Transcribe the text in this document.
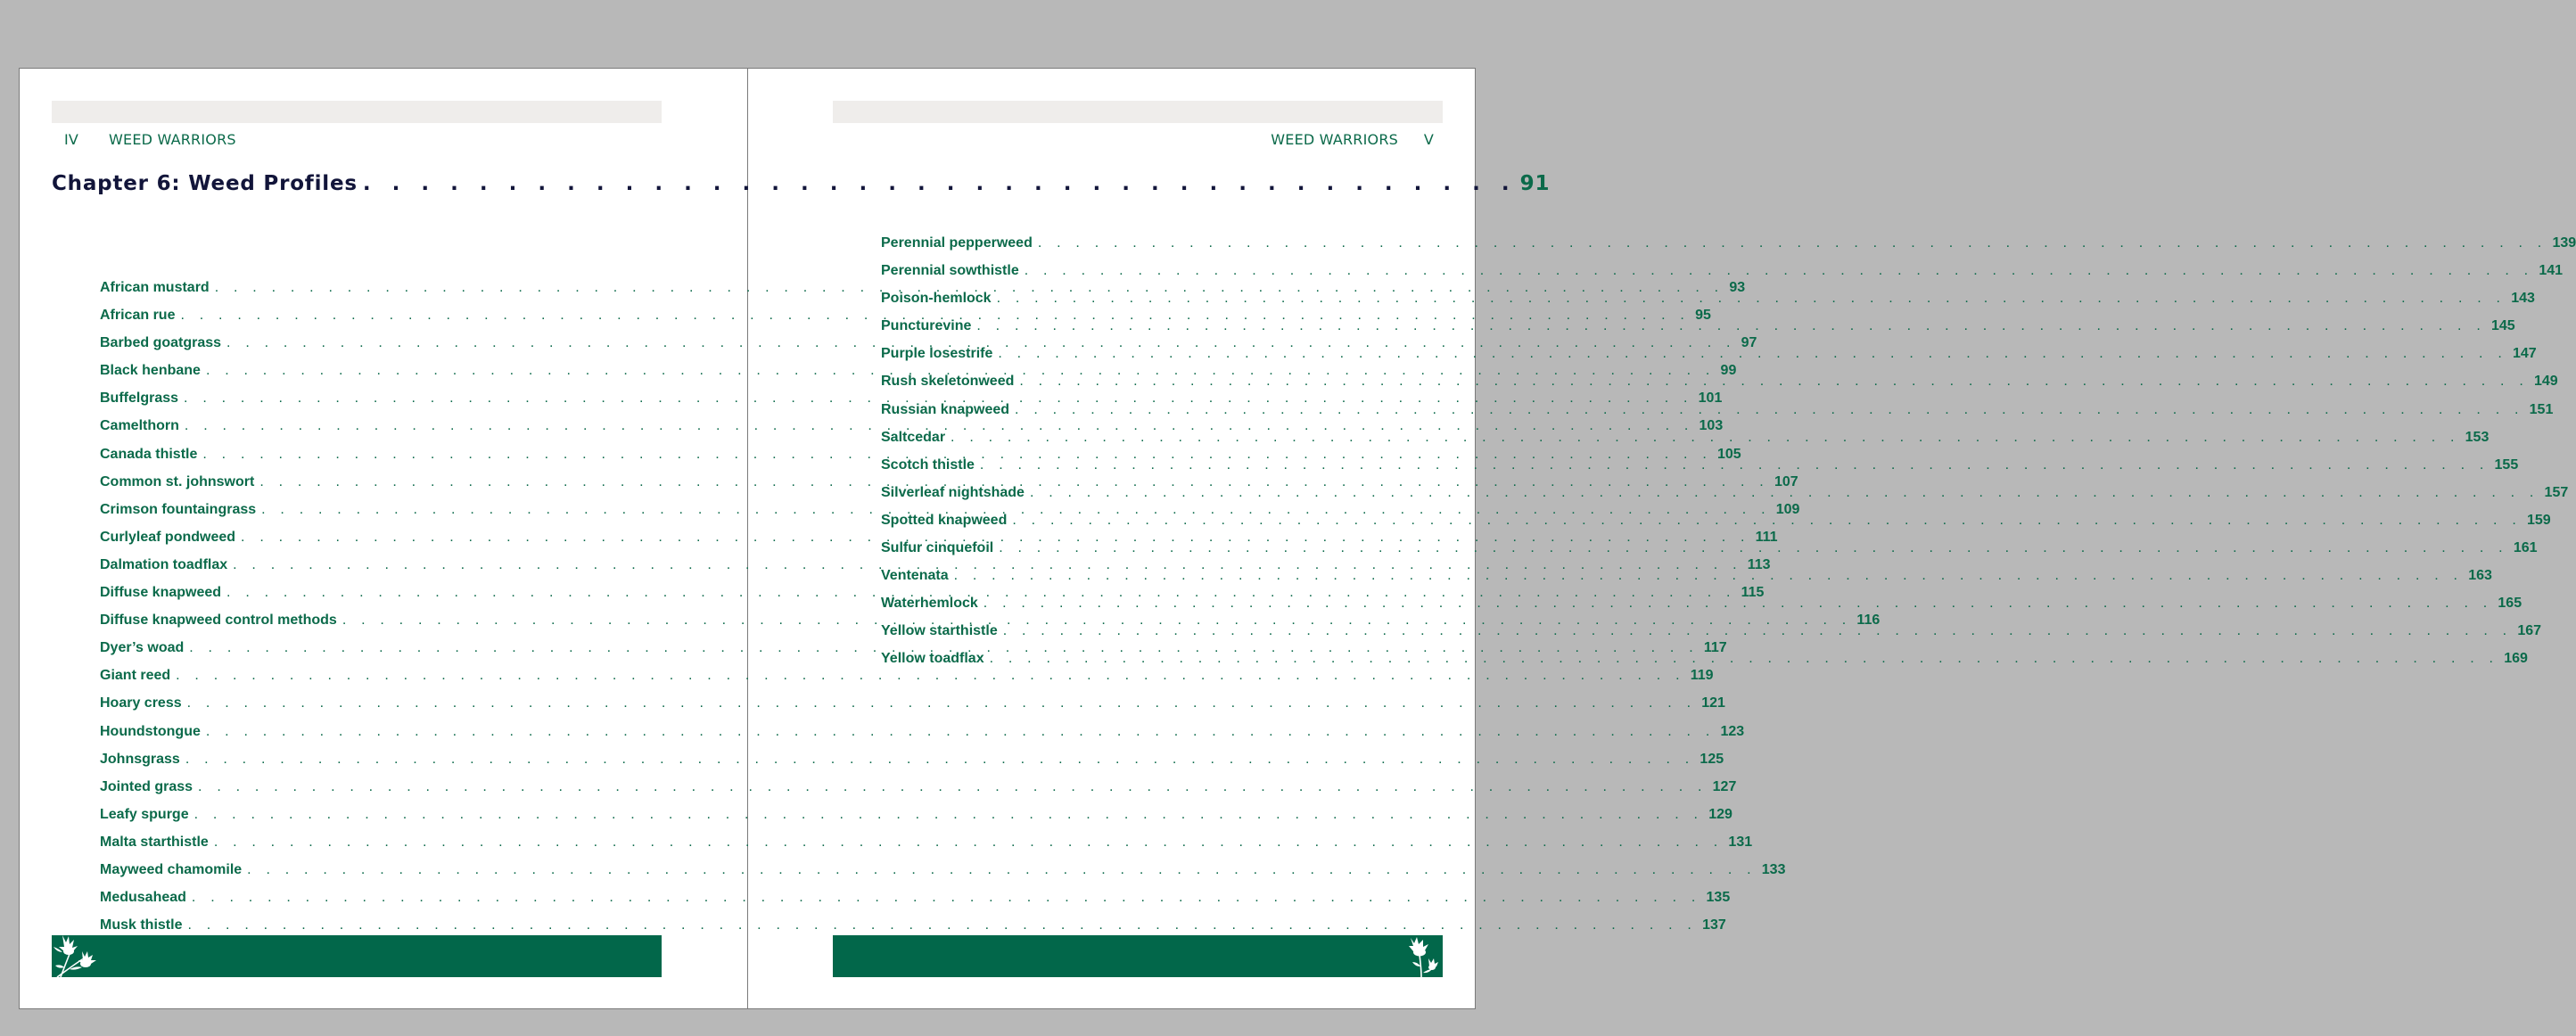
IV WEED WARRIORS
Chapter 6: Weed Profiles . . . . . . . . . . . . . . . . . . . . . . . . . . . . . . . . . . . . . . . . 91
African mustard . . . . . . . . . . . . . . . . . . . . . . . . . . . . . . . . . . . . . . . . . . . . . . . . . . . . . . . . . . . . . . . . . . . . . . . . . . . . . . . . 93
African rue . . . . . . . . . . . . . . . . . . . . . . . . . . . . . . . . . . . . . . . . . . . . . . . . . . . . . . . . . . . . . . . . . . . . . . . . . . . . . . . . 95
Barbed goatgrass . . . . . . . . . . . . . . . . . . . . . . . . . . . . . . . . . . . . . . . . . . . . . . . . . . . . . . . . . . . . . . . . . . . . . . . . . . . . . . . . 97
Black henbane . . . . . . . . . . . . . . . . . . . . . . . . . . . . . . . . . . . . . . . . . . . . . . . . . . . . . . . . . . . . . . . . . . . . . . . . . . . . . . . . 99
Buffelgrass . . . . . . . . . . . . . . . . . . . . . . . . . . . . . . . . . . . . . . . . . . . . . . . . . . . . . . . . . . . . . . . . . . . . . . . . . . . . . . . . 101
Camelthorn . . . . . . . . . . . . . . . . . . . . . . . . . . . . . . . . . . . . . . . . . . . . . . . . . . . . . . . . . . . . . . . . . . . . . . . . . . . . . . . . 103
Canada thistle . . . . . . . . . . . . . . . . . . . . . . . . . . . . . . . . . . . . . . . . . . . . . . . . . . . . . . . . . . . . . . . . . . . . . . . . . . . . . . . . 105
Common st. johnswort . . . . . . . . . . . . . . . . . . . . . . . . . . . . . . . . . . . . . . . . . . . . . . . . . . . . . . . . . . . . . . . . . . . . . . . . . . . . . . . . 107
Crimson fountaingrass . . . . . . . . . . . . . . . . . . . . . . . . . . . . . . . . . . . . . . . . . . . . . . . . . . . . . . . . . . . . . . . . . . . . . . . . . . . . . . . . 109
Curlyleaf pondweed . . . . . . . . . . . . . . . . . . . . . . . . . . . . . . . . . . . . . . . . . . . . . . . . . . . . . . . . . . . . . . . . . . . . . . . . . . . . . . . . 111
Dalmation toadflax . . . . . . . . . . . . . . . . . . . . . . . . . . . . . . . . . . . . . . . . . . . . . . . . . . . . . . . . . . . . . . . . . . . . . . . . . . . . . . . . 113
Diffuse knapweed . . . . . . . . . . . . . . . . . . . . . . . . . . . . . . . . . . . . . . . . . . . . . . . . . . . . . . . . . . . . . . . . . . . . . . . . . . . . . . . . 115
Diffuse knapweed control methods . . . . . . . . . . . . . . . . . . . . . . . . . . . . . . . . . . . . . . . . . . . . . . . . . . . . . . . . . . . . . . . . . . . . . . . . . . . . . . . . 116
Dyer’s woad . . . . . . . . . . . . . . . . . . . . . . . . . . . . . . . . . . . . . . . . . . . . . . . . . . . . . . . . . . . . . . . . . . . . . . . . . . . . . . . . 117
Giant reed . . . . . . . . . . . . . . . . . . . . . . . . . . . . . . . . . . . . . . . . . . . . . . . . . . . . . . . . . . . . . . . . . . . . . . . . . . . . . . . . 119
Hoary cress . . . . . . . . . . . . . . . . . . . . . . . . . . . . . . . . . . . . . . . . . . . . . . . . . . . . . . . . . . . . . . . . . . . . . . . . . . . . . . . . 121
Houndstongue . . . . . . . . . . . . . . . . . . . . . . . . . . . . . . . . . . . . . . . . . . . . . . . . . . . . . . . . . . . . . . . . . . . . . . . . . . . . . . . . 123
Johnsgrass . . . . . . . . . . . . . . . . . . . . . . . . . . . . . . . . . . . . . . . . . . . . . . . . . . . . . . . . . . . . . . . . . . . . . . . . . . . . . . . . 125
Jointed grass . . . . . . . . . . . . . . . . . . . . . . . . . . . . . . . . . . . . . . . . . . . . . . . . . . . . . . . . . . . . . . . . . . . . . . . . . . . . . . . . 127
Leafy spurge . . . . . . . . . . . . . . . . . . . . . . . . . . . . . . . . . . . . . . . . . . . . . . . . . . . . . . . . . . . . . . . . . . . . . . . . . . . . . . . . 129
Malta starthistle . . . . . . . . . . . . . . . . . . . . . . . . . . . . . . . . . . . . . . . . . . . . . . . . . . . . . . . . . . . . . . . . . . . . . . . . . . . . . . . . 131
Mayweed chamomile . . . . . . . . . . . . . . . . . . . . . . . . . . . . . . . . . . . . . . . . . . . . . . . . . . . . . . . . . . . . . . . . . . . . . . . . . . . . . . . . 133
Medusahead . . . . . . . . . . . . . . . . . . . . . . . . . . . . . . . . . . . . . . . . . . . . . . . . . . . . . . . . . . . . . . . . . . . . . . . . . . . . . . . . 135
Musk thistle . . . . . . . . . . . . . . . . . . . . . . . . . . . . . . . . . . . . . . . . . . . . . . . . . . . . . . . . . . . . . . . . . . . . . . . . . . . . . . . . 137
WEED WARRIORS V
Perennial pepperweed . . . . . . . . . . . . . . . . . . . . . . . . . . . . . . . . . . . . . . . . . . . . . . . . . . . . . . . . . . . . . . . . . . . . . . . . . . . . . . . . 139
Perennial sowthistle . . . . . . . . . . . . . . . . . . . . . . . . . . . . . . . . . . . . . . . . . . . . . . . . . . . . . . . . . . . . . . . . . . . . . . . . . . . . . . . . 141
Poison-hemlock . . . . . . . . . . . . . . . . . . . . . . . . . . . . . . . . . . . . . . . . . . . . . . . . . . . . . . . . . . . . . . . . . . . . . . . . . . . . . . . . 143
Puncturevine . . . . . . . . . . . . . . . . . . . . . . . . . . . . . . . . . . . . . . . . . . . . . . . . . . . . . . . . . . . . . . . . . . . . . . . . . . . . . . . . 145
Purple losestrife . . . . . . . . . . . . . . . . . . . . . . . . . . . . . . . . . . . . . . . . . . . . . . . . . . . . . . . . . . . . . . . . . . . . . . . . . . . . . . . . 147
Rush skeletonweed . . . . . . . . . . . . . . . . . . . . . . . . . . . . . . . . . . . . . . . . . . . . . . . . . . . . . . . . . . . . . . . . . . . . . . . . . . . . . . . . 149
Russian knapweed . . . . . . . . . . . . . . . . . . . . . . . . . . . . . . . . . . . . . . . . . . . . . . . . . . . . . . . . . . . . . . . . . . . . . . . . . . . . . . . . 151
Saltcedar . . . . . . . . . . . . . . . . . . . . . . . . . . . . . . . . . . . . . . . . . . . . . . . . . . . . . . . . . . . . . . . . . . . . . . . . . . . . . . . . 153
Scotch thistle . . . . . . . . . . . . . . . . . . . . . . . . . . . . . . . . . . . . . . . . . . . . . . . . . . . . . . . . . . . . . . . . . . . . . . . . . . . . . . . . 155
Silverleaf nightshade . . . . . . . . . . . . . . . . . . . . . . . . . . . . . . . . . . . . . . . . . . . . . . . . . . . . . . . . . . . . . . . . . . . . . . . . . . . . . . . . 157
Spotted knapweed . . . . . . . . . . . . . . . . . . . . . . . . . . . . . . . . . . . . . . . . . . . . . . . . . . . . . . . . . . . . . . . . . . . . . . . . . . . . . . . . 159
Sulfur cinquefoil . . . . . . . . . . . . . . . . . . . . . . . . . . . . . . . . . . . . . . . . . . . . . . . . . . . . . . . . . . . . . . . . . . . . . . . . . . . . . . . . 161
Ventenata . . . . . . . . . . . . . . . . . . . . . . . . . . . . . . . . . . . . . . . . . . . . . . . . . . . . . . . . . . . . . . . . . . . . . . . . . . . . . . . . 163
Waterhemlock . . . . . . . . . . . . . . . . . . . . . . . . . . . . . . . . . . . . . . . . . . . . . . . . . . . . . . . . . . . . . . . . . . . . . . . . . . . . . . . . 165
Yellow starthistle . . . . . . . . . . . . . . . . . . . . . . . . . . . . . . . . . . . . . . . . . . . . . . . . . . . . . . . . . . . . . . . . . . . . . . . . . . . . . . . . 167
Yellow toadflax . . . . . . . . . . . . . . . . . . . . . . . . . . . . . . . . . . . . . . . . . . . . . . . . . . . . . . . . . . . . . . . . . . . . . . . . . . . . . . . . 169
